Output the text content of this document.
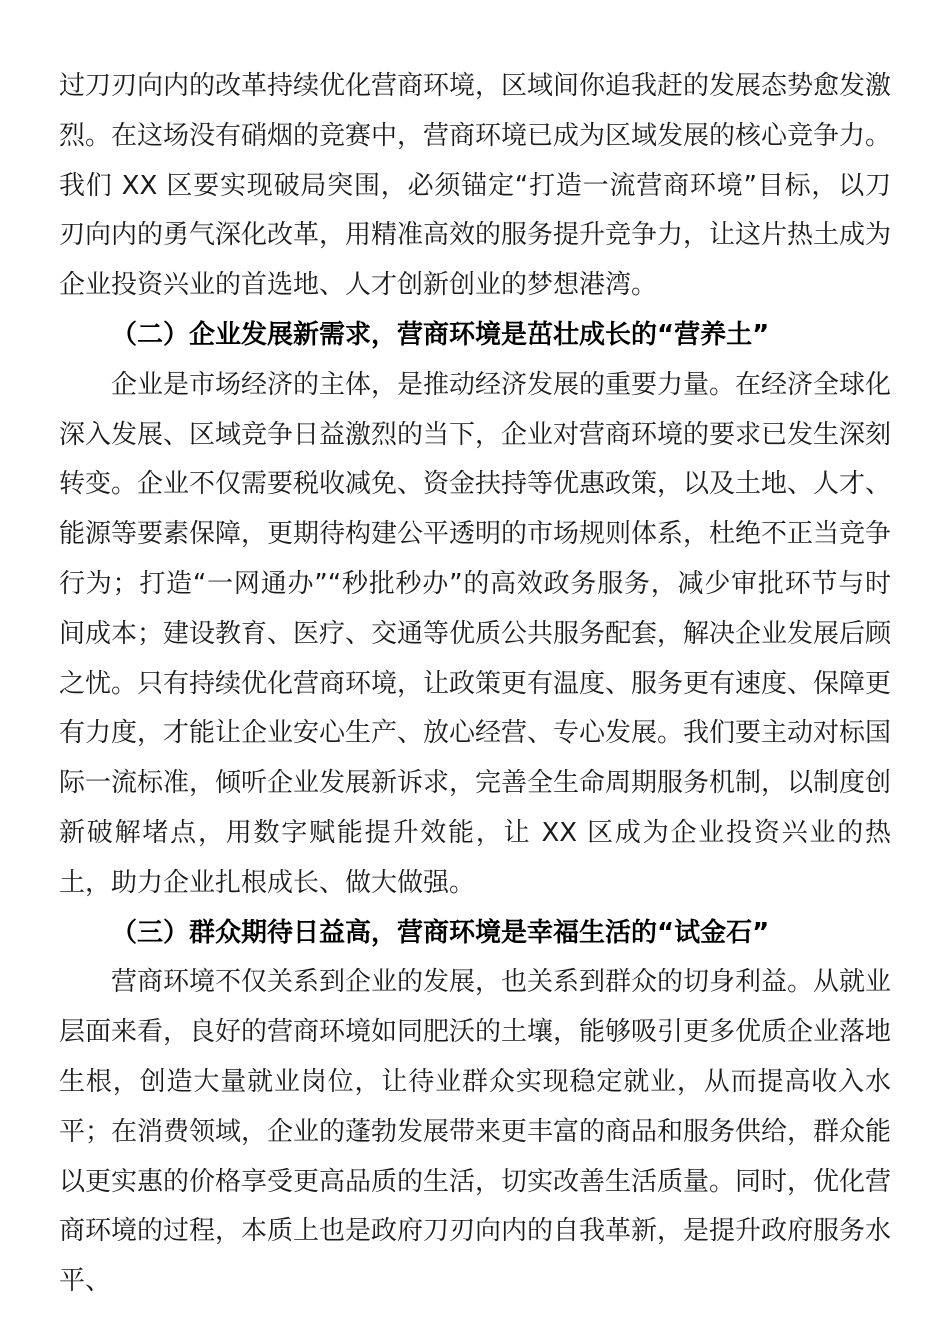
过刀刃向内的改革持续优化营商环境，区域间你追我赶的发展态势愈发激烈。在这场没有硝烟的竞赛中，营商环境已成为区域发展的核心竞争力。我们 XX 区要实现破局突围，必须锚定“打造一流营商环境”目标，以刀刃向内的勇气深化改革，用精准高效的服务提升竞争力，让这片热土成为企业投资兴业的首选地、人才创新创业的梦想港湾。

（二）企业发展新需求，营商环境是茁壮成长的“营养土”

企业是市场经济的主体，是推动经济发展的重要力量。在经济全球化深入发展、区域竞争日益激烈的当下，企业对营商环境的要求已发生深刻转变。企业不仅需要税收减免、资金扶持等优惠政策，以及土地、人才、能源等要素保障，更期待构建公平透明的市场规则体系，杜绝不正当竞争行为；打造“一网通办”“秒批秒办”的高效政务服务，减少审批环节与时间成本；建设教育、医疗、交通等优质公共服务配套，解决企业发展后顾之忧。只有持续优化营商环境，让政策更有温度、服务更有速度、保障更有力度，才能让企业安心生产、放心经营、专心发展。我们要主动对标国际一流标准，倾听企业发展新诉求，完善全生命周期服务机制，以制度创新破解堵点，用数字赋能提升效能，让 XX 区成为企业投资兴业的热土，助力企业扎根成长、做大做强。

（三）群众期待日益高，营商环境是幸福生活的“试金石”

营商环境不仅关系到企业的发展，也关系到群众的切身利益。从就业层面来看，良好的营商环境如同肥沃的土壤，能够吸引更多优质企业落地生根，创造大量就业岗位，让待业群众实现稳定就业，从而提高收入水平；在消费领域，企业的蓬勃发展带来更丰富的商品和服务供给，群众能以更实惠的价格享受更高品质的生活，切实改善生活质量。同时，优化营商环境的过程，本质上也是政府刀刃向内的自我革新，是提升政府服务水平、
